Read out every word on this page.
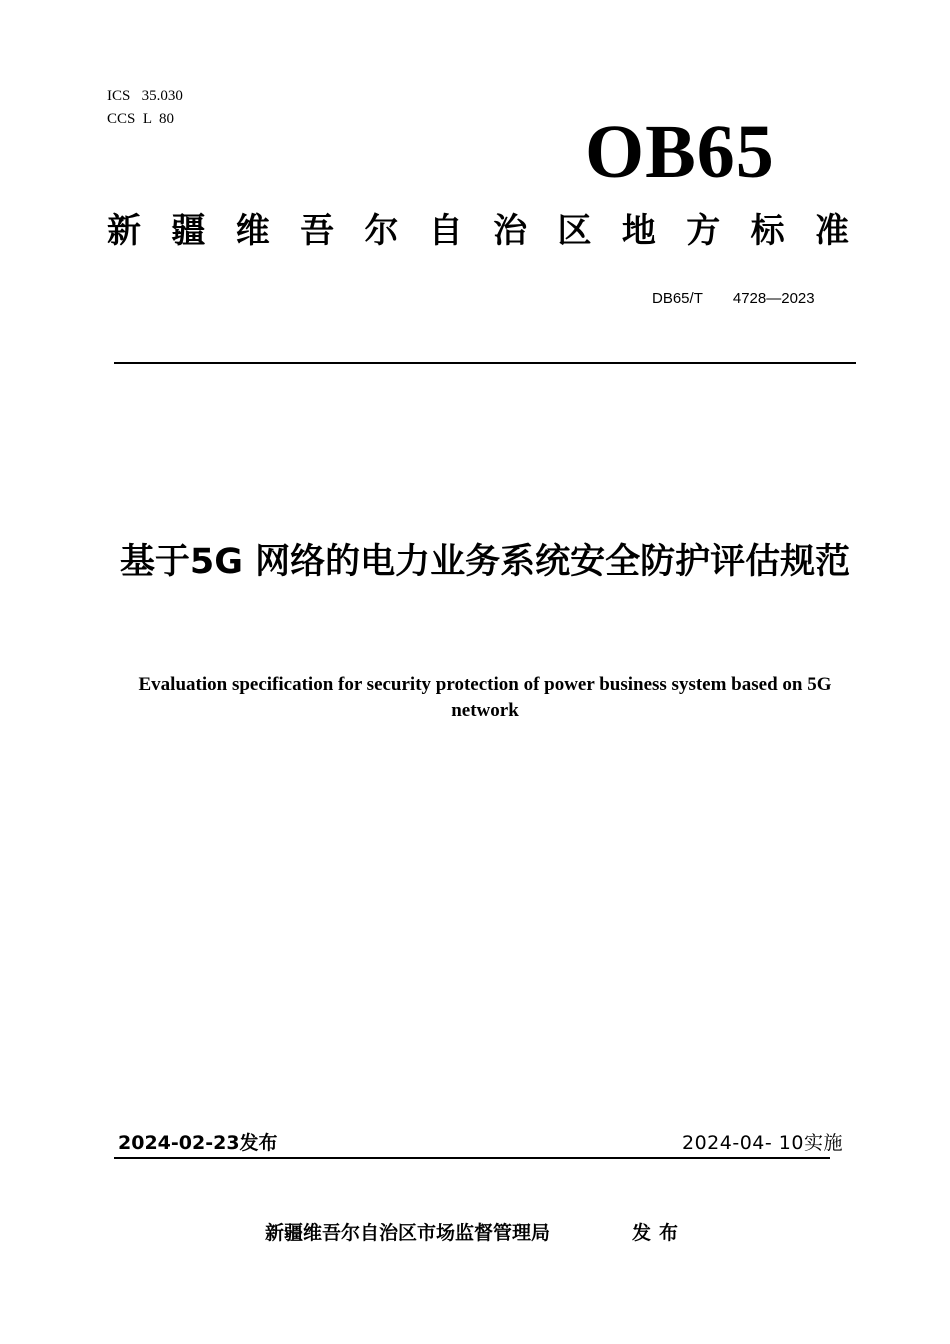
ICS   35.030
CCS  L  80	OB65
新 疆 维 吾 尔 自 治 区 地 方 标 准
DB65/T 4728—2023
基于5G 网络的电力业务系统安全防护评估规范
Evaluation specification for security protection of power business system based on 5G network
2024-02-23发布	2024-04- 10实施
新疆维吾尔自治区市场监督管理局	发布
